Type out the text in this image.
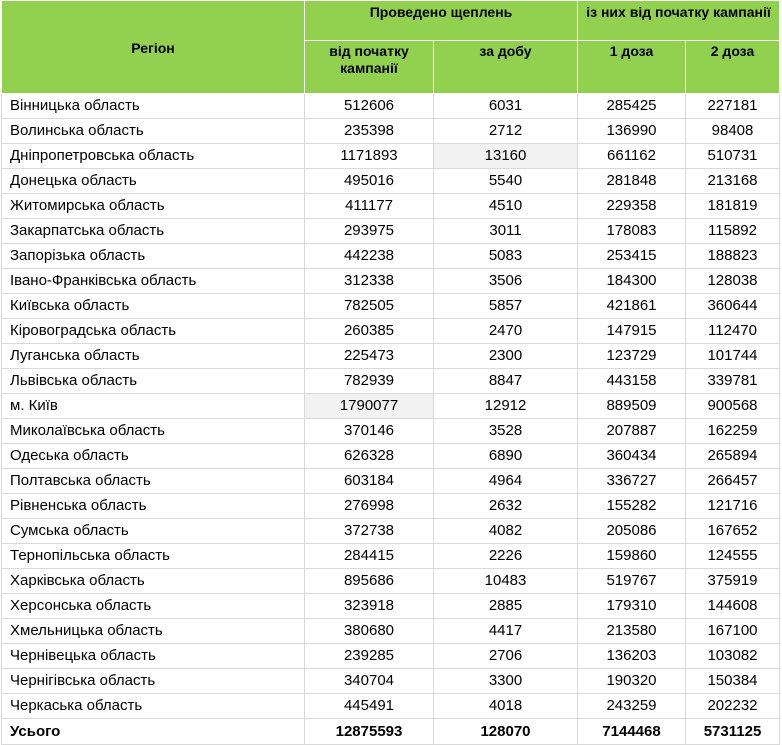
Регіон	Проведено щеплень		із них від початку кампанії	
	від початку кампанії	за добу	1 доза	2 доза
Вінницька область	512606	6031	285425	227181
Волинська область	235398	2712	136990	98408
Дніпропетровська область	1171893	13160	661162	510731
Донецька область	495016	5540	281848	213168
Житомирська область	411177	4510	229358	181819
Закарпатська область	293975	3011	178083	115892
Запорізька область	442238	5083	253415	188823
Івано-Франківська область	312338	3506	184300	128038
Київська область	782505	5857	421861	360644
Кіровоградська область	260385	2470	147915	112470
Луганська область	225473	2300	123729	101744
Львівська область	782939	8847	443158	339781
м. Київ	1790077	12912	889509	900568
Миколаївська область	370146	3528	207887	162259
Одеська область	626328	6890	360434	265894
Полтавська область	603184	4964	336727	266457
Рівненська область	276998	2632	155282	121716
Сумська область	372738	4082	205086	167652
Тернопільська область	284415	2226	159860	124555
Харківська область	895686	10483	519767	375919
Херсонська область	323918	2885	179310	144608
Хмельницька область	380680	4417	213580	167100
Чернівецька область	239285	2706	136203	103082
Чернігівська область	340704	3300	190320	150384
Черкаська область	445491	4018	243259	202232
Усього	12875593	128070	7144468	5731125
